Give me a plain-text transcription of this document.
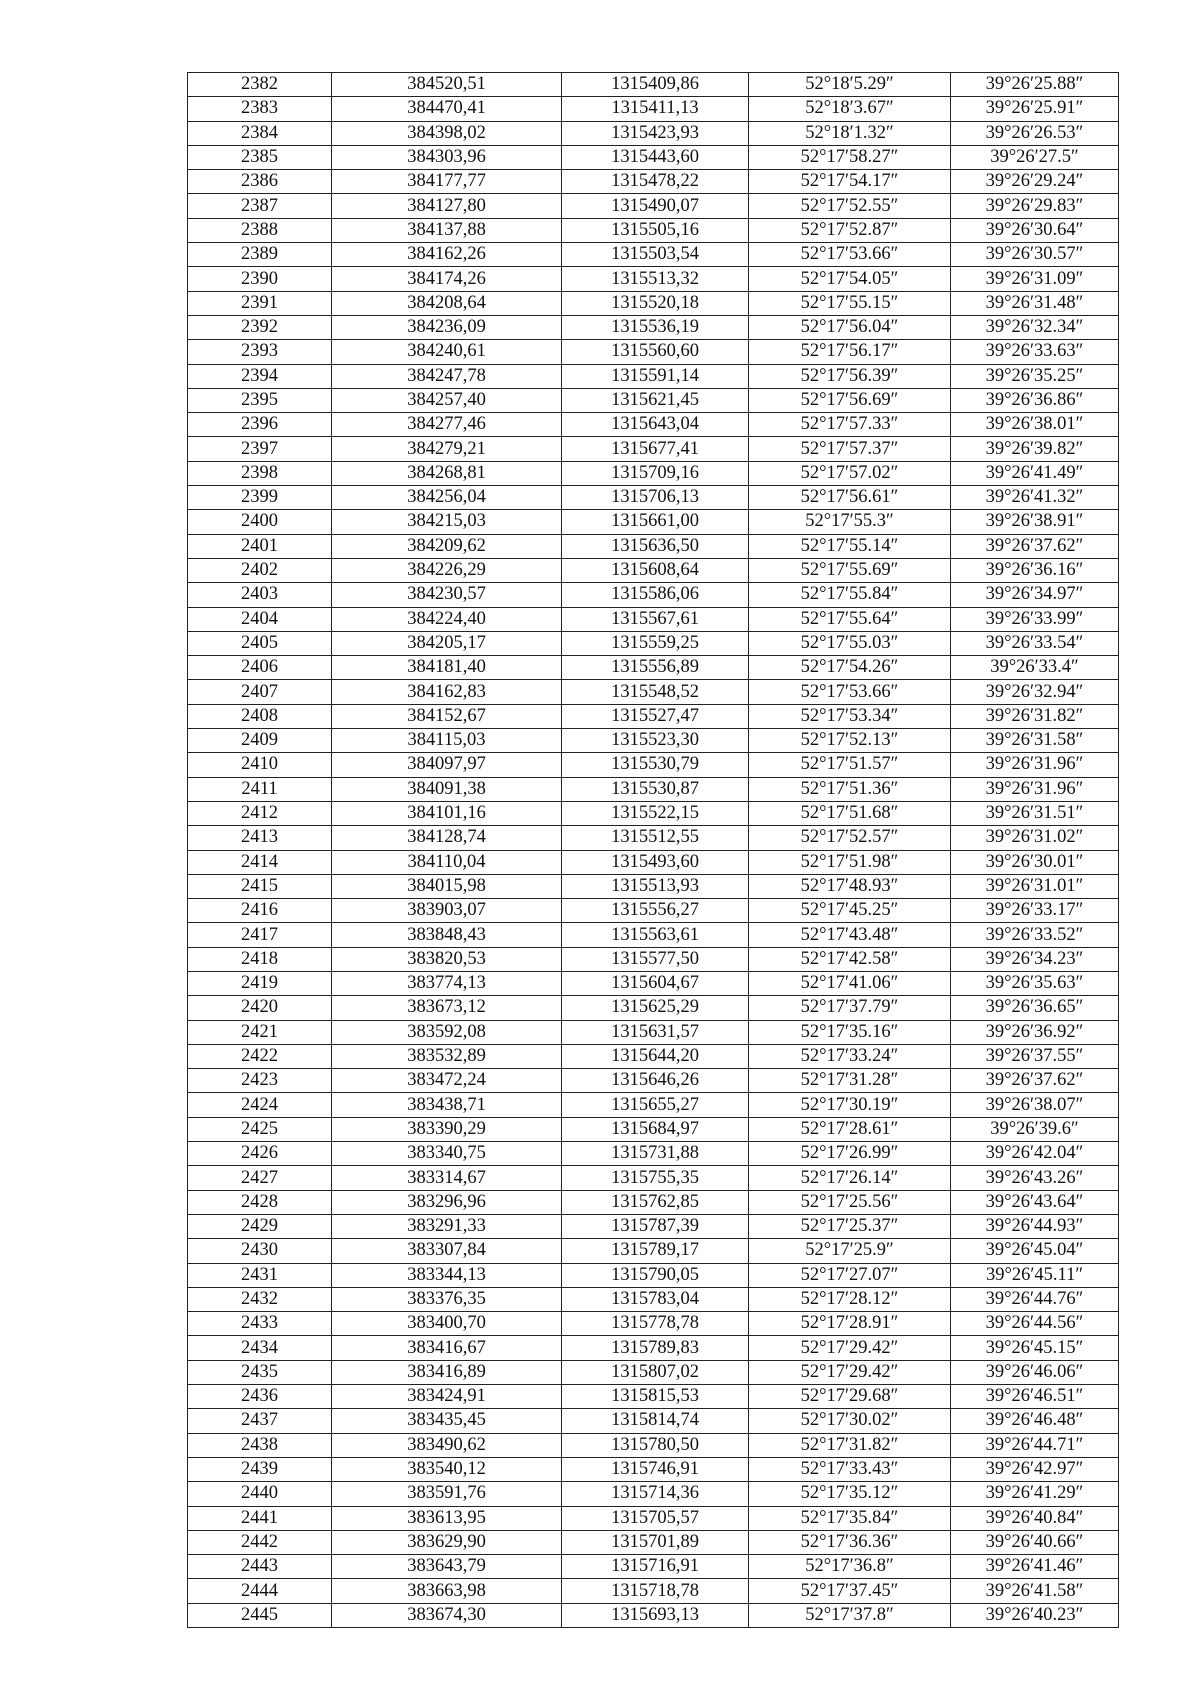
2382	384520,51	1315409,86	52°18′5.29″	39°26′25.88″
2383	384470,41	1315411,13	52°18′3.67″	39°26′25.91″
2384	384398,02	1315423,93	52°18′1.32″	39°26′26.53″
2385	384303,96	1315443,60	52°17′58.27″	39°26′27.5″
2386	384177,77	1315478,22	52°17′54.17″	39°26′29.24″
2387	384127,80	1315490,07	52°17′52.55″	39°26′29.83″
2388	384137,88	1315505,16	52°17′52.87″	39°26′30.64″
2389	384162,26	1315503,54	52°17′53.66″	39°26′30.57″
2390	384174,26	1315513,32	52°17′54.05″	39°26′31.09″
2391	384208,64	1315520,18	52°17′55.15″	39°26′31.48″
2392	384236,09	1315536,19	52°17′56.04″	39°26′32.34″
2393	384240,61	1315560,60	52°17′56.17″	39°26′33.63″
2394	384247,78	1315591,14	52°17′56.39″	39°26′35.25″
2395	384257,40	1315621,45	52°17′56.69″	39°26′36.86″
2396	384277,46	1315643,04	52°17′57.33″	39°26′38.01″
2397	384279,21	1315677,41	52°17′57.37″	39°26′39.82″
2398	384268,81	1315709,16	52°17′57.02″	39°26′41.49″
2399	384256,04	1315706,13	52°17′56.61″	39°26′41.32″
2400	384215,03	1315661,00	52°17′55.3″	39°26′38.91″
2401	384209,62	1315636,50	52°17′55.14″	39°26′37.62″
2402	384226,29	1315608,64	52°17′55.69″	39°26′36.16″
2403	384230,57	1315586,06	52°17′55.84″	39°26′34.97″
2404	384224,40	1315567,61	52°17′55.64″	39°26′33.99″
2405	384205,17	1315559,25	52°17′55.03″	39°26′33.54″
2406	384181,40	1315556,89	52°17′54.26″	39°26′33.4″
2407	384162,83	1315548,52	52°17′53.66″	39°26′32.94″
2408	384152,67	1315527,47	52°17′53.34″	39°26′31.82″
2409	384115,03	1315523,30	52°17′52.13″	39°26′31.58″
2410	384097,97	1315530,79	52°17′51.57″	39°26′31.96″
2411	384091,38	1315530,87	52°17′51.36″	39°26′31.96″
2412	384101,16	1315522,15	52°17′51.68″	39°26′31.51″
2413	384128,74	1315512,55	52°17′52.57″	39°26′31.02″
2414	384110,04	1315493,60	52°17′51.98″	39°26′30.01″
2415	384015,98	1315513,93	52°17′48.93″	39°26′31.01″
2416	383903,07	1315556,27	52°17′45.25″	39°26′33.17″
2417	383848,43	1315563,61	52°17′43.48″	39°26′33.52″
2418	383820,53	1315577,50	52°17′42.58″	39°26′34.23″
2419	383774,13	1315604,67	52°17′41.06″	39°26′35.63″
2420	383673,12	1315625,29	52°17′37.79″	39°26′36.65″
2421	383592,08	1315631,57	52°17′35.16″	39°26′36.92″
2422	383532,89	1315644,20	52°17′33.24″	39°26′37.55″
2423	383472,24	1315646,26	52°17′31.28″	39°26′37.62″
2424	383438,71	1315655,27	52°17′30.19″	39°26′38.07″
2425	383390,29	1315684,97	52°17′28.61″	39°26′39.6″
2426	383340,75	1315731,88	52°17′26.99″	39°26′42.04″
2427	383314,67	1315755,35	52°17′26.14″	39°26′43.26″
2428	383296,96	1315762,85	52°17′25.56″	39°26′43.64″
2429	383291,33	1315787,39	52°17′25.37″	39°26′44.93″
2430	383307,84	1315789,17	52°17′25.9″	39°26′45.04″
2431	383344,13	1315790,05	52°17′27.07″	39°26′45.11″
2432	383376,35	1315783,04	52°17′28.12″	39°26′44.76″
2433	383400,70	1315778,78	52°17′28.91″	39°26′44.56″
2434	383416,67	1315789,83	52°17′29.42″	39°26′45.15″
2435	383416,89	1315807,02	52°17′29.42″	39°26′46.06″
2436	383424,91	1315815,53	52°17′29.68″	39°26′46.51″
2437	383435,45	1315814,74	52°17′30.02″	39°26′46.48″
2438	383490,62	1315780,50	52°17′31.82″	39°26′44.71″
2439	383540,12	1315746,91	52°17′33.43″	39°26′42.97″
2440	383591,76	1315714,36	52°17′35.12″	39°26′41.29″
2441	383613,95	1315705,57	52°17′35.84″	39°26′40.84″
2442	383629,90	1315701,89	52°17′36.36″	39°26′40.66″
2443	383643,79	1315716,91	52°17′36.8″	39°26′41.46″
2444	383663,98	1315718,78	52°17′37.45″	39°26′41.58″
2445	383674,30	1315693,13	52°17′37.8″	39°26′40.23″
